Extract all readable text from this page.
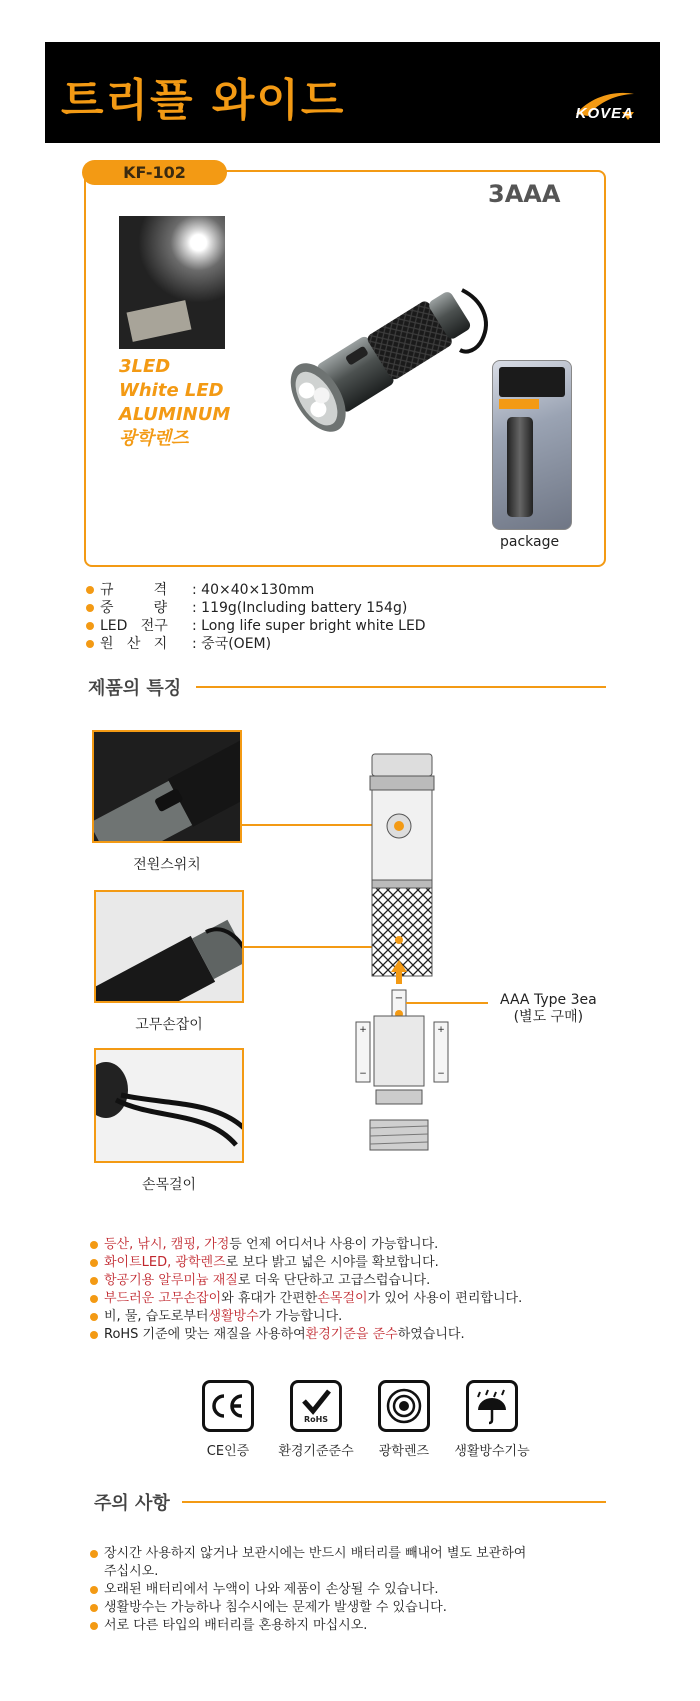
트리플 와이드	KOVEA
KF-102
3AAA
3LED
White LED
ALUMINUM
광학렌즈
package
규         격	: 40×40×130mm
중         량	: 119g(Including battery 154g)
LED   전구	: Long life super bright white LED
원   산   지	: 중국(OEM)
제품의 특징
전원스위치
고무손잡이
손목걸이
−
+
−
+
−
AAA Type 3ea
(별도 구매)
등산, 낚시, 캠핑, 가정 등 언제 어디서나 사용이 가능합니다.
화이트LED, 광학렌즈 로 보다 밝고 넓은 시야를 확보합니다.
항공기용 알루미늄 재질 로 더욱 단단하고 고급스럽습니다.
부드러운 고무손잡이 와 휴대가 간편한 손목걸이 가 있어 사용이 편리합니다.
비, 물, 습도로부터 생활방수 가 가능합니다.
RoHS 기준에 맞는 재질을 사용하여 환경기준을 준수 하였습니다.
CE인증
RoHS
환경기준준수	광학렌즈	생활방수기능
주의 사항
장시간 사용하지 않거나 보관시에는 반드시 배터리를 빼내어 별도 보관하여
주십시오.
오래된 배터리에서 누액이 나와 제품이 손상될 수 있습니다.
생활방수는 가능하나 침수시에는 문제가 발생할 수 있습니다.
서로 다른 타입의 배터리를 혼용하지 마십시오.
